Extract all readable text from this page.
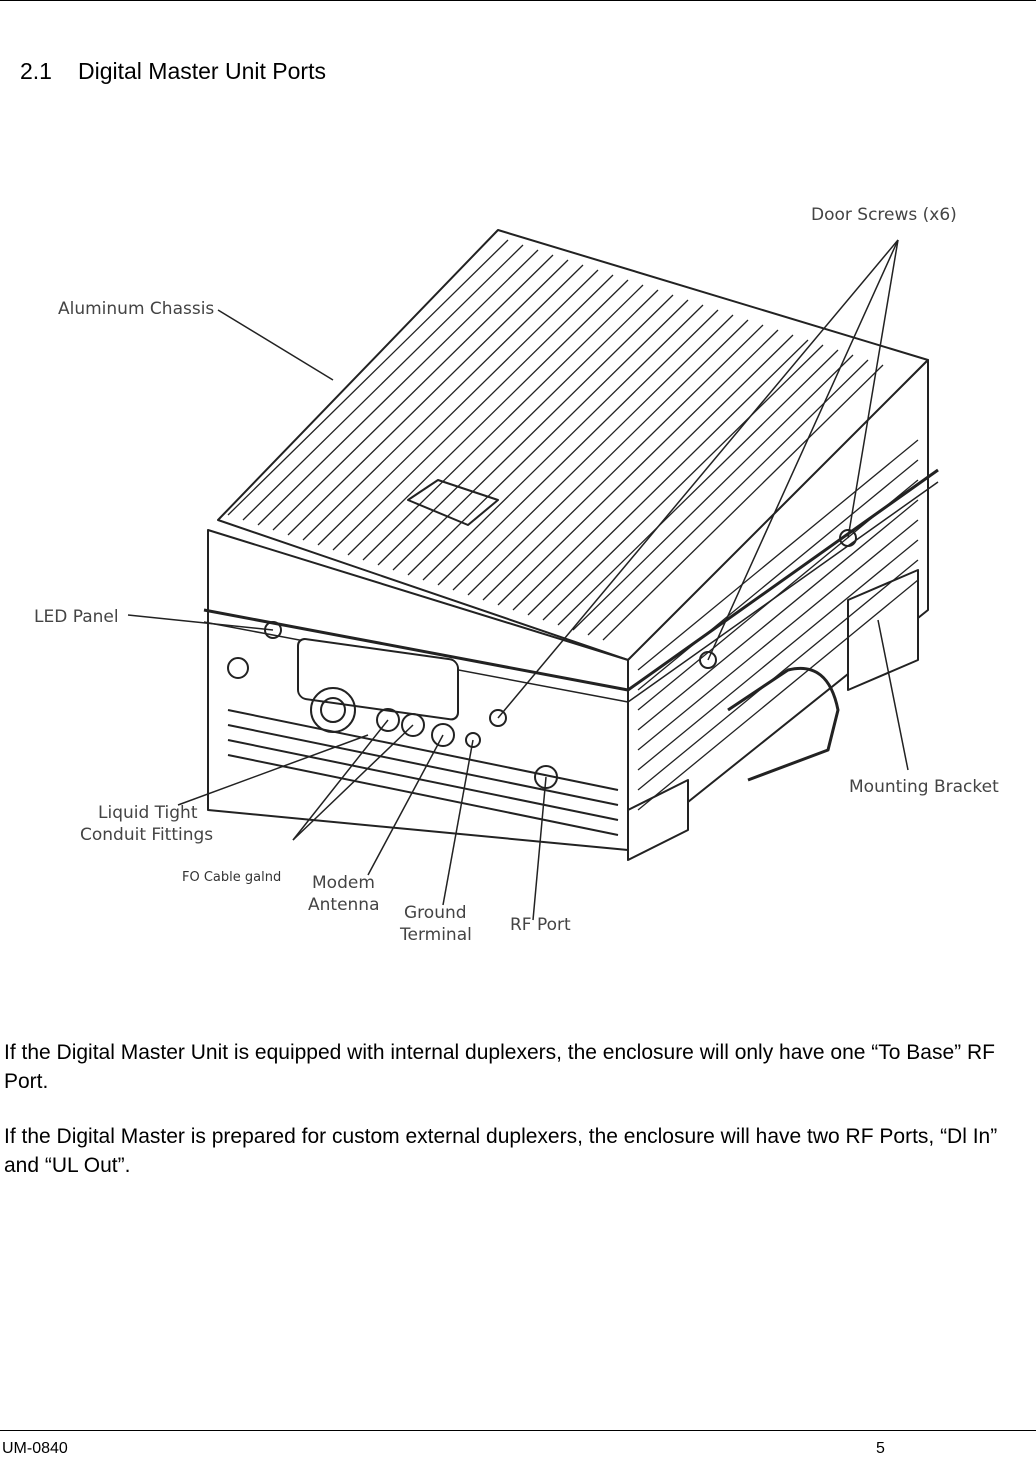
2.1 Digital Master Unit Ports
Door Screws (x6)
Aluminum Chassis
LED Panel
Liquid Tight
Conduit Fittings
FO Cable galnd Modem
Antenna Ground
Terminal RF Port
Mounting Bracket

If the Digital Master Unit is equipped with internal duplexers, the enclosure will only have one “To Base” RF Port.

If the Digital Master is prepared for custom external duplexers, the enclosure will have two RF Ports, “Dl In” and “UL Out”.

UM-0840	5
